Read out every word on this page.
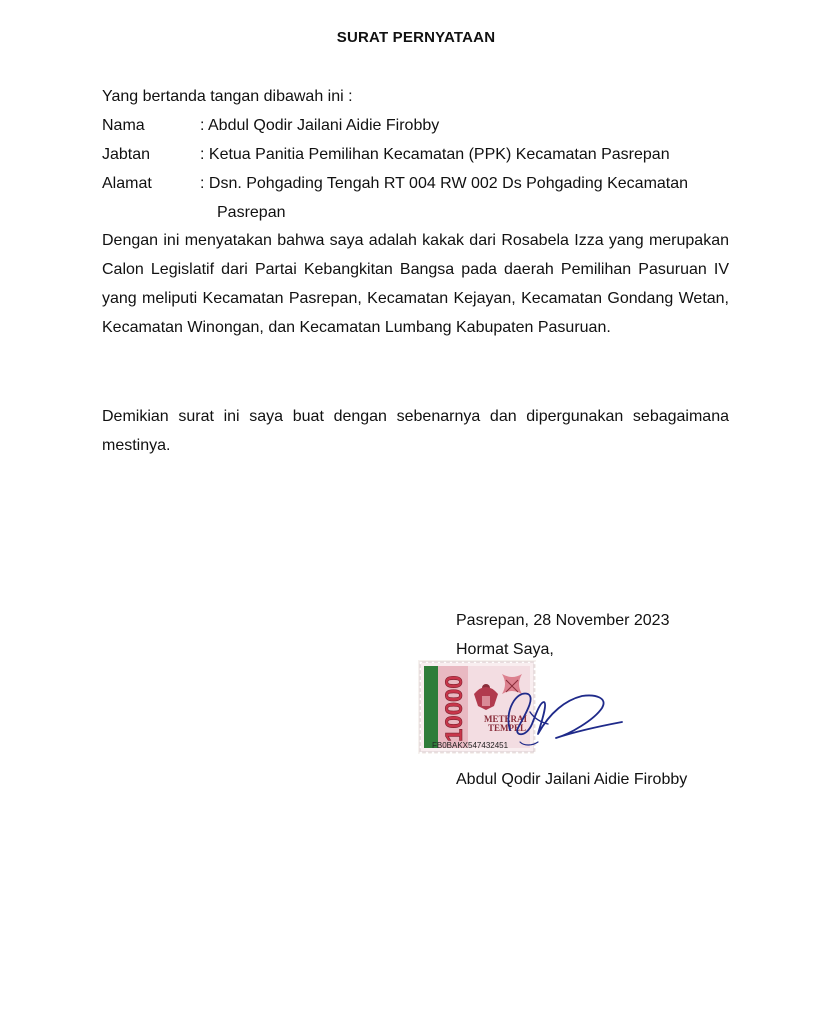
SURAT PERNYATAAN
Yang bertanda tangan dibawah ini :
Nama	: Abdul Qodir Jailani Aidie Firobby
Jabtan	: Ketua Panitia Pemilihan Kecamatan (PPK) Kecamatan Pasrepan
Alamat	: Dsn. Pohgading Tengah RT 004 RW 002 Ds Pohgading Kecamatan
Pasrepan
Dengan ini menyatakan bahwa saya adalah kakak dari Rosabela Izza yang merupakan Calon Legislatif dari Partai Kebangkitan Bangsa pada daerah Pemilihan Pasuruan IV yang meliputi Kecamatan Pasrepan, Kecamatan Kejayan, Kecamatan Gondang Wetan, Kecamatan Winongan, dan Kecamatan Lumbang Kabupaten Pasuruan.
Demikian surat ini saya buat dengan sebenarnya dan dipergunakan sebagaimana mestinya.
Pasrepan, 28 November 2023
Hormat Saya,
10000 METERAI
TEMPEL
FB0BAKX547432451
Abdul Qodir Jailani Aidie Firobby
